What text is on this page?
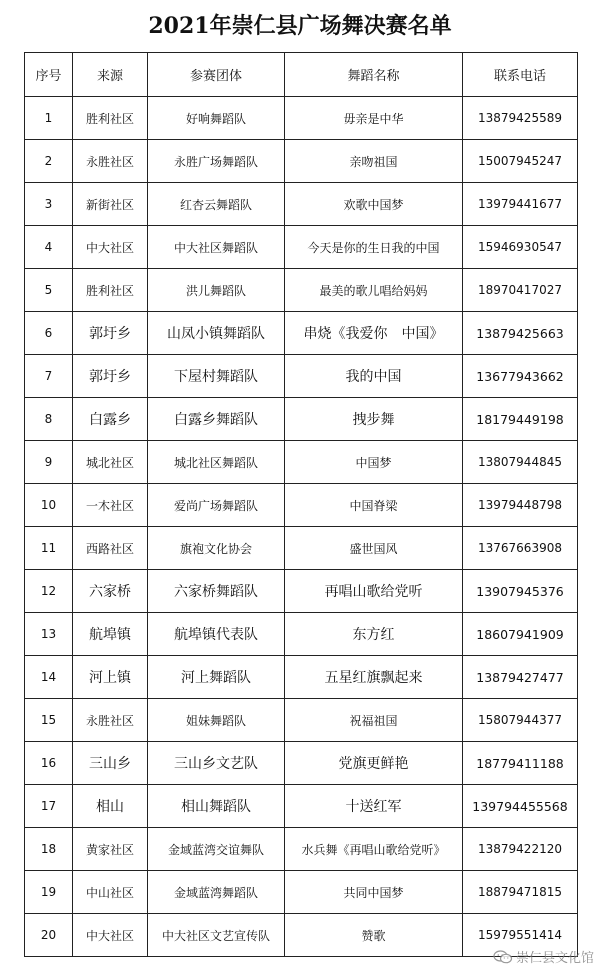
2021年崇仁县广场舞决赛名单
序号	来源	参赛团体	舞蹈名称	联系电话
1	胜利社区	好响舞蹈队	毋亲是中华	13879425589
2	永胜社区	永胜广场舞蹈队	亲吻祖国	15007945247
3	新街社区	红杏云舞蹈队	欢歌中国梦	13979441677
4	中大社区	中大社区舞蹈队	今天是你的生日我的中国	15946930547
5	胜利社区	洪儿舞蹈队	最美的歌儿唱给妈妈	18970417027
6	郭圩乡	山凤小镇舞蹈队	串烧《我爱你　中国》	13879425663
7	郭圩乡	下屋村舞蹈队	我的中国	13677943662
8	白露乡	白露乡舞蹈队	拽步舞	18179449198
9	城北社区	城北社区舞蹈队	中国梦	13807944845
10	一木社区	爱尚广场舞蹈队	中国脊梁	13979448798
11	西路社区	旗袍文化协会	盛世国风	13767663908
12	六家桥	六家桥舞蹈队	再唱山歌给党听	13907945376
13	航埠镇	航埠镇代表队	东方红	18607941909
14	河上镇	河上舞蹈队	五星红旗飘起来	13879427477
15	永胜社区	姐妹舞蹈队	祝福祖国	15807944377
16	三山乡	三山乡文艺队	党旗更鲜艳	18779411188
17	相山	相山舞蹈队	十送红军	139794455568
18	黄家社区	金域蓝湾交谊舞队	水兵舞《再唱山歌给党听》	13879422120
19	中山社区	金域蓝湾舞蹈队	共同中国梦	18879471815
20	中大社区	中大社区文艺宣传队	赞歌	15979551414
崇仁县文化馆
